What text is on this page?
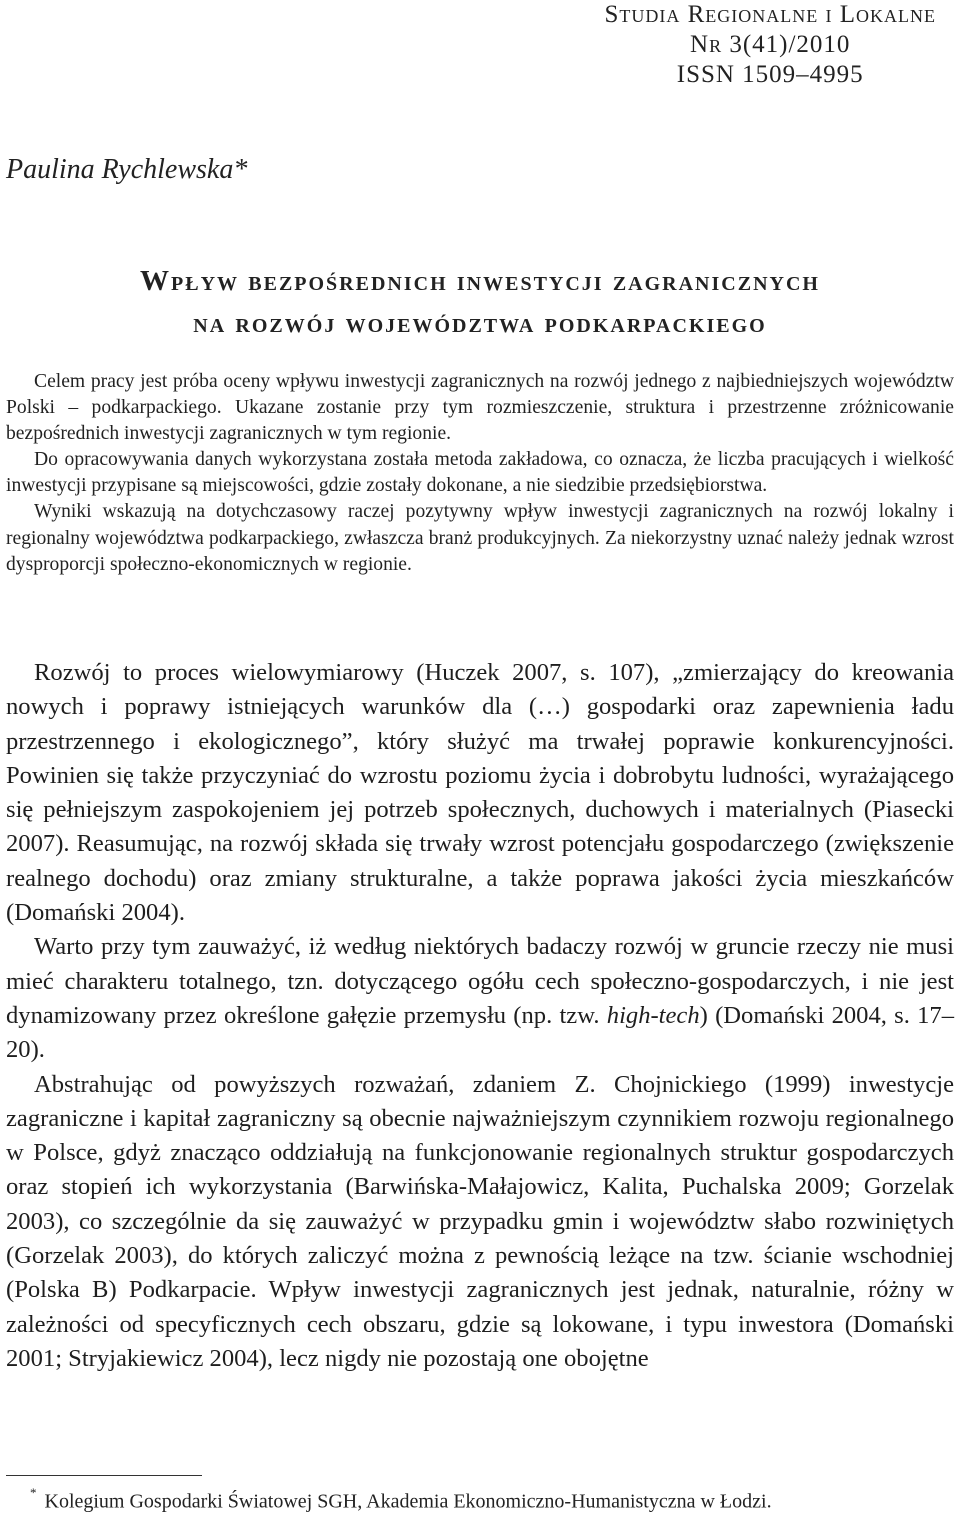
Studia Regionalne i Lokalne
Nr 3(41)/2010
ISSN 1509–4995
Paulina Rychlewska*
Wpływ bezpośrednich inwestycji zagranicznych
na rozwój województwa podkarpackiego

Celem pracy jest próba oceny wpływu inwestycji zagranicznych na rozwój jednego z najbiedniejszych województw Polski – podkarpackiego. Ukazane zostanie przy tym rozmieszczenie, struktura i przestrzenne zróżnicowanie bezpośrednich inwestycji zagranicznych w tym regionie.

Do opracowywania danych wykorzystana została metoda zakładowa, co oznacza, że liczba pracujących i wielkość inwestycji przypisane są miejscowości, gdzie zostały dokonane, a nie siedzibie przedsiębiorstwa.

Wyniki wskazują na dotychczasowy raczej pozytywny wpływ inwestycji zagranicznych na rozwój lokalny i regionalny województwa podkarpackiego, zwłaszcza branż produkcyjnych. Za niekorzystny uznać należy jednak wzrost dysproporcji społeczno-ekonomicznych w regionie.

Rozwój to proces wielowymiarowy (Huczek 2007, s. 107), „zmierzający do kreowania nowych i poprawy istniejących warunków dla (…) gospodarki oraz zapewnienia ładu przestrzennego i ekologicznego”, który służyć ma trwałej poprawie konkurencyjności. Powinien się także przyczyniać do wzrostu poziomu życia i dobrobytu ludności, wyrażającego się pełniejszym zaspokojeniem jej potrzeb społecznych, duchowych i materialnych (Piasecki 2007). Reasumując, na rozwój składa się trwały wzrost potencjału gospodarczego (zwiększenie realnego dochodu) oraz zmiany strukturalne, a także poprawa jakości życia mieszkańców (Domański 2004).

Warto przy tym zauważyć, iż według niektórych badaczy rozwój w gruncie rzeczy nie musi mieć charakteru totalnego, tzn. dotyczącego ogółu cech społeczno-gospodarczych, i nie jest dynamizowany przez określone gałęzie przemysłu (np. tzw. high-tech) (Domański 2004, s. 17–20).

Abstrahując od powyższych rozważań, zdaniem Z. Chojnickiego (1999) inwestycje zagraniczne i kapitał zagraniczny są obecnie najważniejszym czynnikiem rozwoju regionalnego w Polsce, gdyż znacząco oddziałują na funkcjonowanie regionalnych struktur gospodarczych oraz stopień ich wykorzystania (Barwińska-Małajowicz, Kalita, Puchalska 2009; Gorzelak 2003), co szczególnie da się zauważyć w przypadku gmin i województw słabo rozwiniętych (Gorzelak 2003), do których zaliczyć można z pewnością leżące na tzw. ścianie wschodniej (Polska B) Podkarpacie. Wpływ inwestycji zagranicznych jest jednak, naturalnie, różny w zależności od specyficznych cech obszaru, gdzie są lokowane, i typu inwestora (Domański 2001; Stryjakiewicz 2004), lecz nigdy nie pozostają one obojętne

* Kolegium Gospodarki Światowej SGH, Akademia Ekonomiczno-Humanistyczna w Łodzi.
